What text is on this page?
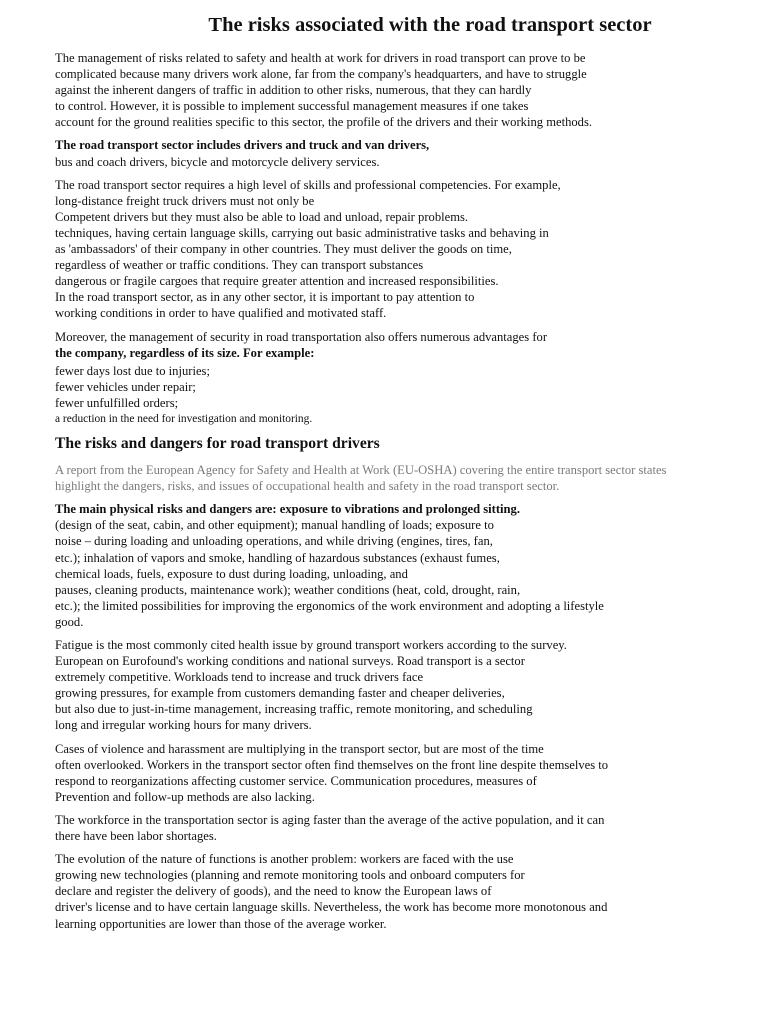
The risks associated with the road transport sector

The management of risks related to safety and health at work for drivers in road transport can prove to be
complicated because many drivers work alone, far from the company's headquarters, and have to struggle
against the inherent dangers of traffic in addition to other risks, numerous, that they can hardly
to control. However, it is possible to implement successful management measures if one takes
account for the ground realities specific to this sector, the profile of the drivers and their working methods.

The road transport sector includes drivers and truck and van drivers,
bus and coach drivers, bicycle and motorcycle delivery services.

The road transport sector requires a high level of skills and professional competencies. For example,
long-distance freight truck drivers must not only be
Competent drivers but they must also be able to load and unload, repair problems.
techniques, having certain language skills, carrying out basic administrative tasks and behaving in
as 'ambassadors' of their company in other countries. They must deliver the goods on time,
regardless of weather or traffic conditions. They can transport substances
dangerous or fragile cargoes that require greater attention and increased responsibilities.
In the road transport sector, as in any other sector, it is important to pay attention to
working conditions in order to have qualified and motivated staff.

Moreover, the management of security in road transportation also offers numerous advantages for
the company, regardless of its size. For example:

fewer days lost due to injuries;
fewer vehicles under repair;
fewer unfulfilled orders;
a reduction in the need for investigation and monitoring.
The risks and dangers for road transport drivers

A report from the European Agency for Safety and Health at Work (EU-OSHA) covering the entire transport sector states
highlight the dangers, risks, and issues of occupational health and safety in the road transport sector.

The main physical risks and dangers are: exposure to vibrations and prolonged sitting.
(design of the seat, cabin, and other equipment); manual handling of loads; exposure to
noise – during loading and unloading operations, and while driving (engines, tires, fan,
etc.); inhalation of vapors and smoke, handling of hazardous substances (exhaust fumes,
chemical loads, fuels, exposure to dust during loading, unloading, and
pauses, cleaning products, maintenance work); weather conditions (heat, cold, drought, rain,
etc.); the limited possibilities for improving the ergonomics of the work environment and adopting a lifestyle
good.

Fatigue is the most commonly cited health issue by ground transport workers according to the survey.
European on Eurofound's working conditions and national surveys. Road transport is a sector
extremely competitive. Workloads tend to increase and truck drivers face
growing pressures, for example from customers demanding faster and cheaper deliveries,
but also due to just-in-time management, increasing traffic, remote monitoring, and scheduling
long and irregular working hours for many drivers.

Cases of violence and harassment are multiplying in the transport sector, but are most of the time
often overlooked. Workers in the transport sector often find themselves on the front line despite themselves to
respond to reorganizations affecting customer service. Communication procedures, measures of
Prevention and follow-up methods are also lacking.

The workforce in the transportation sector is aging faster than the average of the active population, and it can
there have been labor shortages.

The evolution of the nature of functions is another problem: workers are faced with the use
growing new technologies (planning and remote monitoring tools and onboard computers for
declare and register the delivery of goods), and the need to know the European laws of
driver's license and to have certain language skills. Nevertheless, the work has become more monotonous and
learning opportunities are lower than those of the average worker.
